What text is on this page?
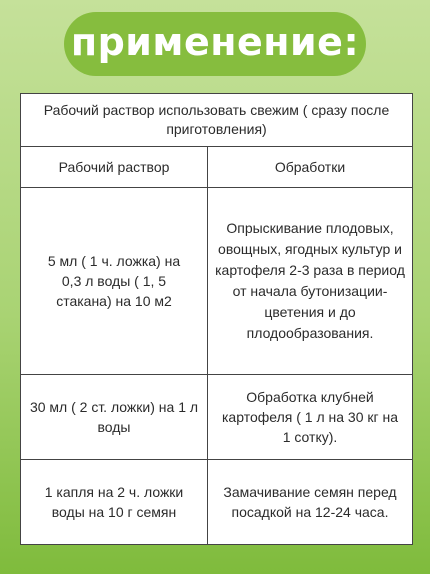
применение:
Рабочий раствор использовать свежим ( сразу после приготовления)	
Рабочий раствор	Обработки
5 мл ( 1 ч. ложка) на 0,3 л воды ( 1, 5 стакана) на 10 м2	Опрыскивание плодовых, овощных, ягодных культур и картофеля 2-3 раза в период от начала бутонизации-цветения и до плодообразования.
30 мл ( 2 ст. ложки) на 1 л воды	Обработка клубней картофеля ( 1 л на 30 кг на 1 сотку).
1 капля на 2 ч. ложки воды на 10 г семян	Замачивание семян перед посадкой на 12-24 часа.
